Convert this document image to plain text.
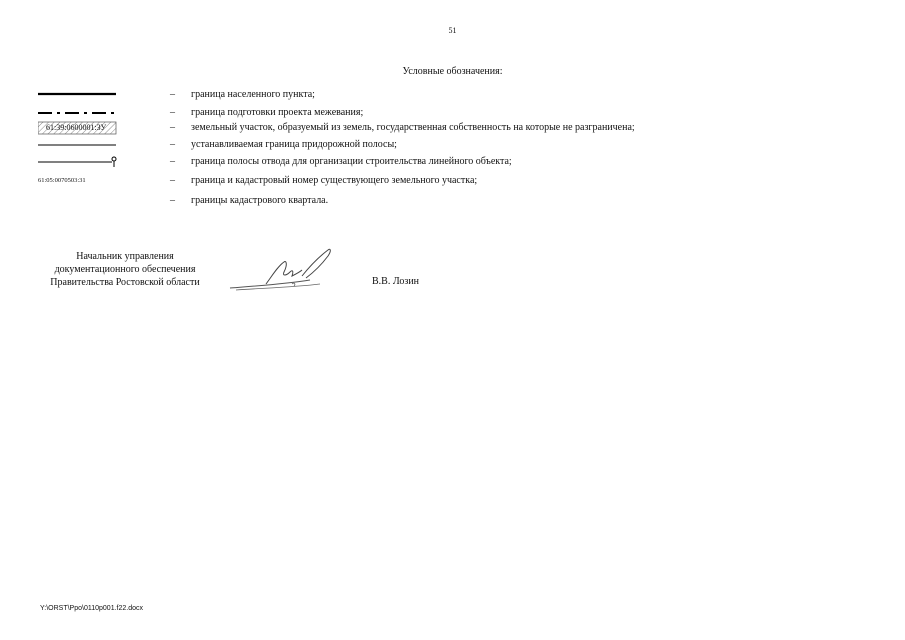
51
Условные обозначения:
– граница населенного пункта;
– граница подготовки проекта межевания;
61:39:0600001:ЗУ	– земельный участок, образуемый из земель, государственная собственность на которые не разграничена;
– устанавливаемая граница придорожной полосы;
– граница полосы отвода для организации строительства линейного объекта;
61:05:0070503:31	– граница и кадастровый номер существующего земельного участка;
– границы кадастрового квартала.
Начальник управления документационного обеспечения Правительства Ростовской области	В.В. Лозин
Y:\ORST\Ppo\0110p001.f22.docx
